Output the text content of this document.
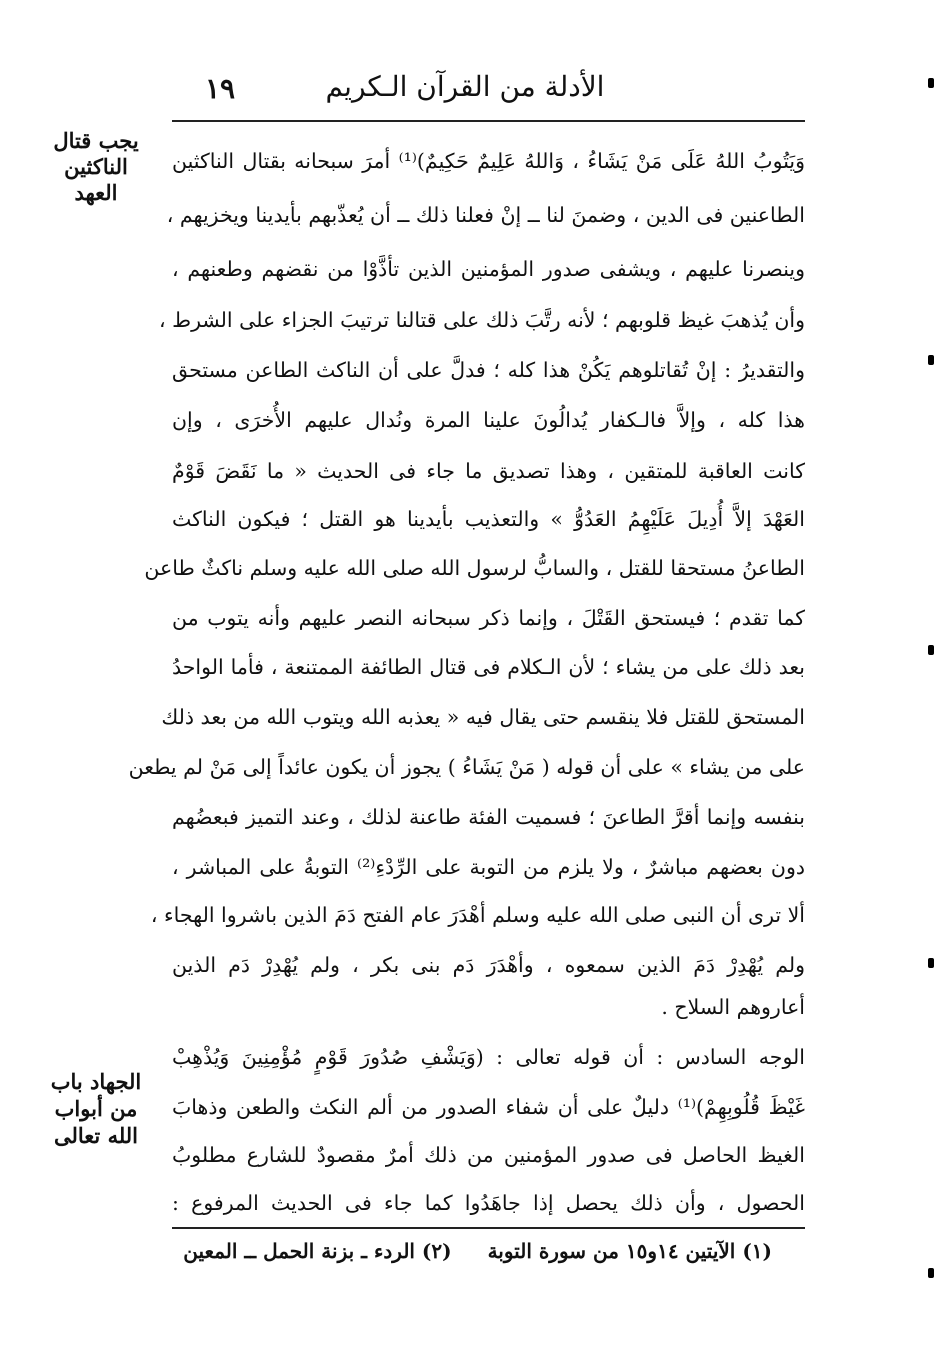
١٩	الأدلة من القرآن الـكريم
يجب قتال
الناكثين العهد
الجهاد باب
من أبواب
الله تعالى
وَيَتُوبُ اللهُ عَلَى مَنْ يَشَاءُ ، وَاللهُ عَلِيمٌ حَكِيمٌ)⁽¹⁾ أمرَ سبحانه بقتال الناكثين
الطاعنين فى الدين ، وضمنَ لنا ــ إنْ فعلنا ذلك ــ أن يُعذّبهم بأيدينا ويخزيهم ،
وينصرنا عليهم ، ويشفى صدور المؤمنين الذين تأذَّوْا من نقضهم وطعنهم ،
وأن يُذهبَ غيظ قلوبهم ؛ لأنه رتَّبَ ذلك على قتالنا ترتيبَ الجزاء على الشرط ،
والتقديرُ : إنْ تُقاتلوهم يَكُنْ هذا كله ؛ فدلَّ على أن الناكث الطاعن مستحق
هذا كله ، وإلاَّ فالـكفار يُدالُونَ علينا المرة ونُدال عليهم الأُخرَى ، وإن
كانت العاقبة للمتقين ، وهذا تصديق ما جاء فى الحديث « ما نَقَضَ قَوْمٌ
العَهْدَ إلاَّ أُدِيلَ عَلَيْهِمُ العَدُوُّ » والتعذيب بأيدينا هو القتل ؛ فيكون الناكث
الطاعنُ مستحقا للقتل ، والسابُّ لرسول الله صلى الله عليه وسلم ناكثٌ طاعن
كما تقدم ؛ فيستحق القَتْلَ ، وإنما ذكر سبحانه النصر عليهم وأنه يتوب من
بعد ذلك على من يشاء ؛ لأن الـكلام فى قتال الطائفة الممتنعة ، فأما الواحدُ
المستحق للقتل فلا ينقسم حتى يقال فيه « يعذبه الله ويتوب الله من بعد ذلك
على من يشاء » على أن قوله ( مَنْ يَشَاءُ ) يجوز أن يكون عائداً إلى مَنْ لم يطعن
بنفسه وإنما أقرَّ الطاعنَ ؛ فسميت الفئة طاعنة لذلك ، وعند التميز فبعضُهم
دون بعضهم مباشرٌ ، ولا يلزم من التوبة على الرِّدْءِ⁽²⁾ التوبةُ على المباشر ،
ألا ترى أن النبى صلى الله عليه وسلم أهْدَرَ عام الفتح دَمَ الذين باشروا الهجاء ،
ولم يُهْدِرْ دَمَ الذين سمعوه ، وأهْدَرَ دَم بنى بكر ، ولم يُهْدِرْ دَم الذين
أعاروهم السلاح .
الوجه السادس : أن قوله تعالى : (وَيَشْفِ صُدُورَ قَوْمٍ مُؤْمِنِينَ وَيُذْهِبْ
غَيْظَ قُلُوبِهِمْ)⁽¹⁾ دليلٌ على أن شفاء الصدور من ألم النكث والطعن وذهابَ
الغيظ الحاصل فى صدور المؤمنين من ذلك أمرٌ مقصودٌ للشارع مطلوبُ
الحصول ، وأن ذلك يحصل إذا جاهَدُوا كما جاء فى الحديث المرفوع :
(١) الآيتين ١٤و١٥ من سورة التوبة  (٢) الردء ـ بزنة الحمل ــ المعين
